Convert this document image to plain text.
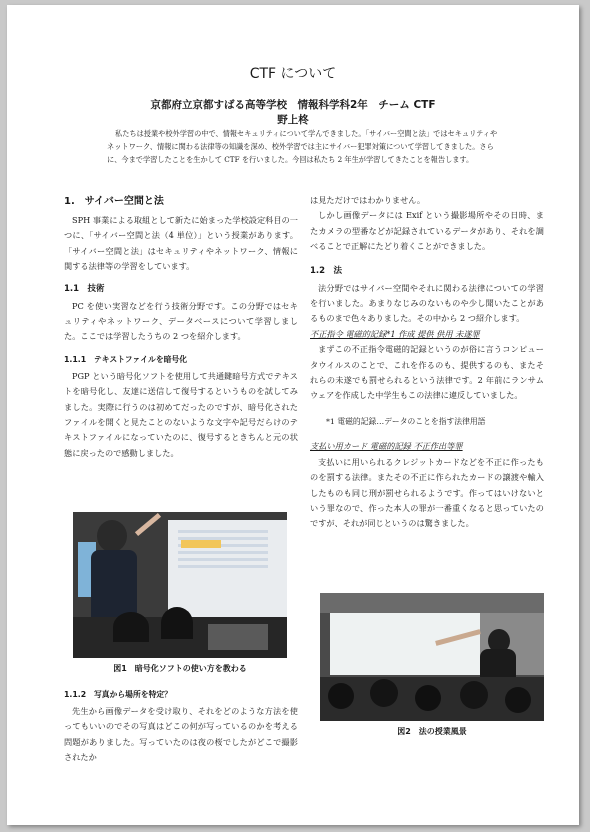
CTF について
京都府立京都すばる高等学校　情報科学科2年　チーム CTF
野上柊

私たちは授業や校外学習の中で、情報セキュリティについて学んできました。「サイバー空間と法」ではセキュリティやネットワーク、情報に関わる法律等の知識を深め、校外学習では主にサイバー犯罪対策について学習してきました。さらに、今まで学習したことを生かして CTF を行いました。今回は私たち 2 年生が学習してきたことを報告します。

1.　サイバー空間と法

SPH 事業による取組として新たに始まった学校設定科目の一つに、「サイバー空間と法（4 単位）」という授業があります。「サイバー空間と法」はセキュリティやネットワーク、情報に関する法律等の学習をしています。

1.1　技術

PC を使い実習などを行う技術分野です。この分野ではセキュリティやネットワーク、データベースについて学習しました。ここでは学習したうちの 2 つを紹介します。

1.1.1　テキストファイルを暗号化

PGP という暗号化ソフトを使用して共通鍵暗号方式でテキストを暗号化し、友達に送信して復号するというものを試してみました。実際に行うのは初めてだったのですが、暗号化されたファイルを開くと見たことのないような文字や記号だらけのテキストファイルになっていたのに、復号するときちんと元の状態に戻ったので感動しました。

図1　暗号化ソフトの使い方を教わる
1.1.2　写真から場所を特定？

先生から画像データを受け取り、それをどのような方法を使ってもいいのでその写真はどこの何が写っているのかを考える問題がありました。写っていたのは夜の桜でしたがどこで撮影されたか

は見ただけではわかりません。

しかし画像データには Exif という撮影場所やその日時、またカメラの型番などが記録されているデータがあり、それを調べることで正解にたどり着くことができました。

1.2　法

法分野ではサイバー空間やそれに関わる法律についての学習を行いました。あまりなじみのないものや少し聞いたことがあるものまで色々ありました。その中から 2 つ紹介します。

不正指令 電磁的記録*1 作成 提供 供用 未遂罪

まずこの不正指令電磁的記録というのが俗に言うコンピュータウイルスのことで、これを作るのも、提供するのも、またそれらの未遂でも罰せられるという法律です。2 年前にランサムウェアを作成した中学生もこの法律に違反していました。

*1 電磁的記録…データのことを指す法律用語

支払い用カード 電磁的記録 不正作出等罪

支払いに用いられるクレジットカードなどを不正に作ったものを罰する法律。またその不正に作られたカードの譲渡や輸入したものも同じ刑が罰せられるようです。作ってはいけないという罪なので、作った本人の罪が一番重くなると思っていたのですが、それが同じというのは驚きました。

図2　法の授業風景
